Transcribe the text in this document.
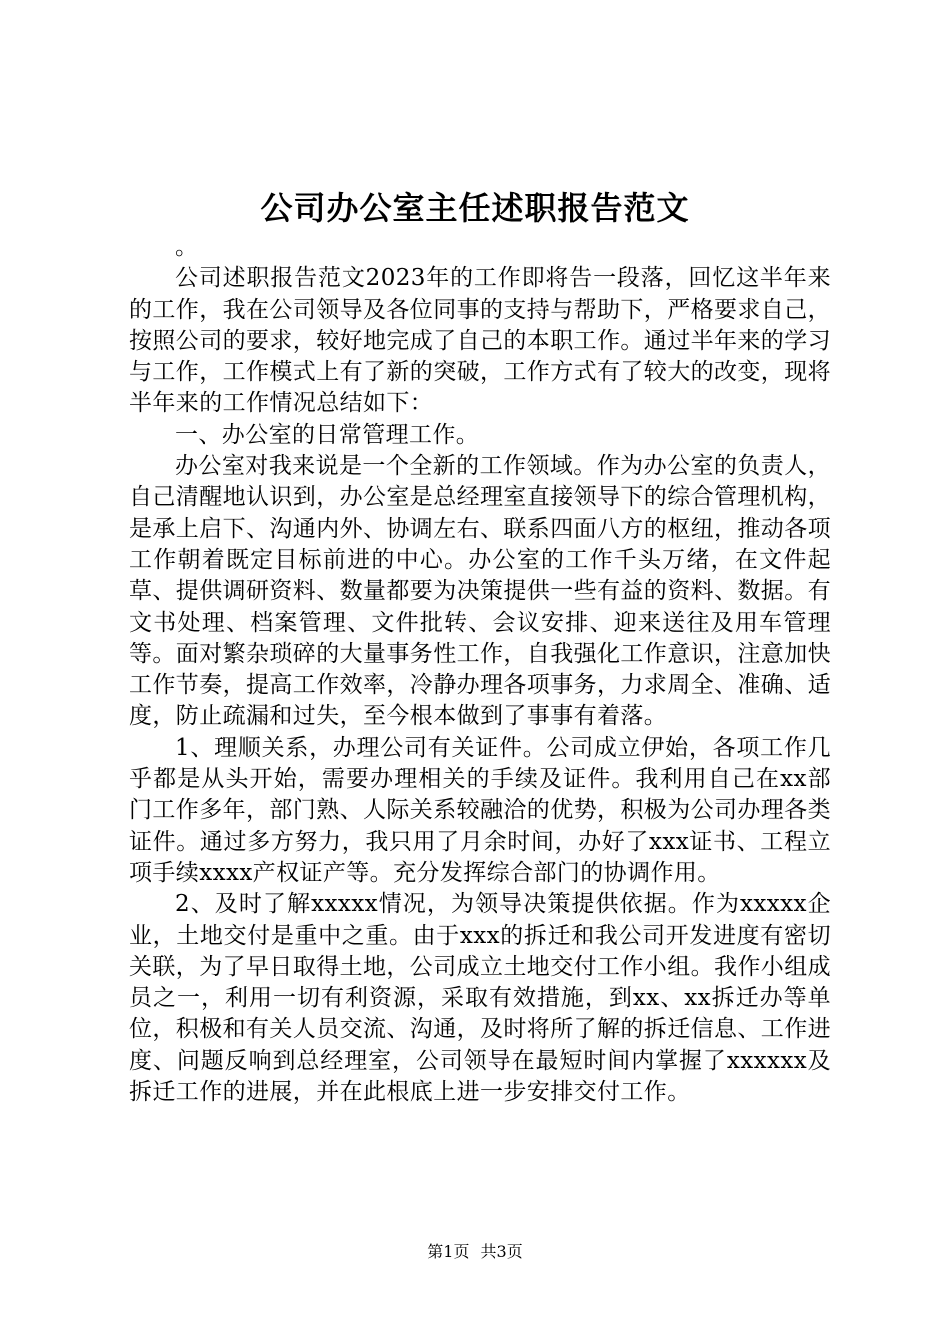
公司办公室主任述职报告范文

。

公司述职报告范文2023年的工作即将告一段落，回忆这半年来的工作，我在公司领导及各位同事的支持与帮助下，严格要求自己，按照公司的要求，较好地完成了自己的本职工作。通过半年来的学习与工作，工作模式上有了新的突破，工作方式有了较大的改变，现将半年来的工作情况总结如下：

一、办公室的日常管理工作。

办公室对我来说是一个全新的工作领域。作为办公室的负责人，自己清醒地认识到，办公室是总经理室直接领导下的综合管理机构，是承上启下、沟通内外、协调左右、联系四面八方的枢纽，推动各项工作朝着既定目标前进的中心。办公室的工作千头万绪，在文件起草、提供调研资料、数量都要为决策提供一些有益的资料、数据。有文书处理、档案管理、文件批转、会议安排、迎来送往及用车管理等。面对繁杂琐碎的大量事务性工作，自我强化工作意识，注意加快工作节奏，提高工作效率，冷静办理各项事务，力求周全、准确、适度，防止疏漏和过失，至今根本做到了事事有着落。

1、理顺关系，办理公司有关证件。公司成立伊始，各项工作几乎都是从头开始，需要办理相关的手续及证件。我利用自己在xx部门工作多年，部门熟、人际关系较融洽的优势，积极为公司办理各类证件。通过多方努力，我只用了月余时间，办好了xxx证书、工程立项手续xxxx产权证产等。充分发挥综合部门的协调作用。

2、及时了解xxxxx情况，为领导决策提供依据。作为xxxxx企业，土地交付是重中之重。由于xxx的拆迁和我公司开发进度有密切关联，为了早日取得土地，公司成立土地交付工作小组。我作小组成员之一，利用一切有利资源，采取有效措施，到xx、xx拆迁办等单位，积极和有关人员交流、沟通，及时将所了解的拆迁信息、工作进度、问题反响到总经理室，公司领导在最短时间内掌握了xxxxxx及拆迁工作的进展，并在此根底上进一步安排交付工作。

第1页 共3页
